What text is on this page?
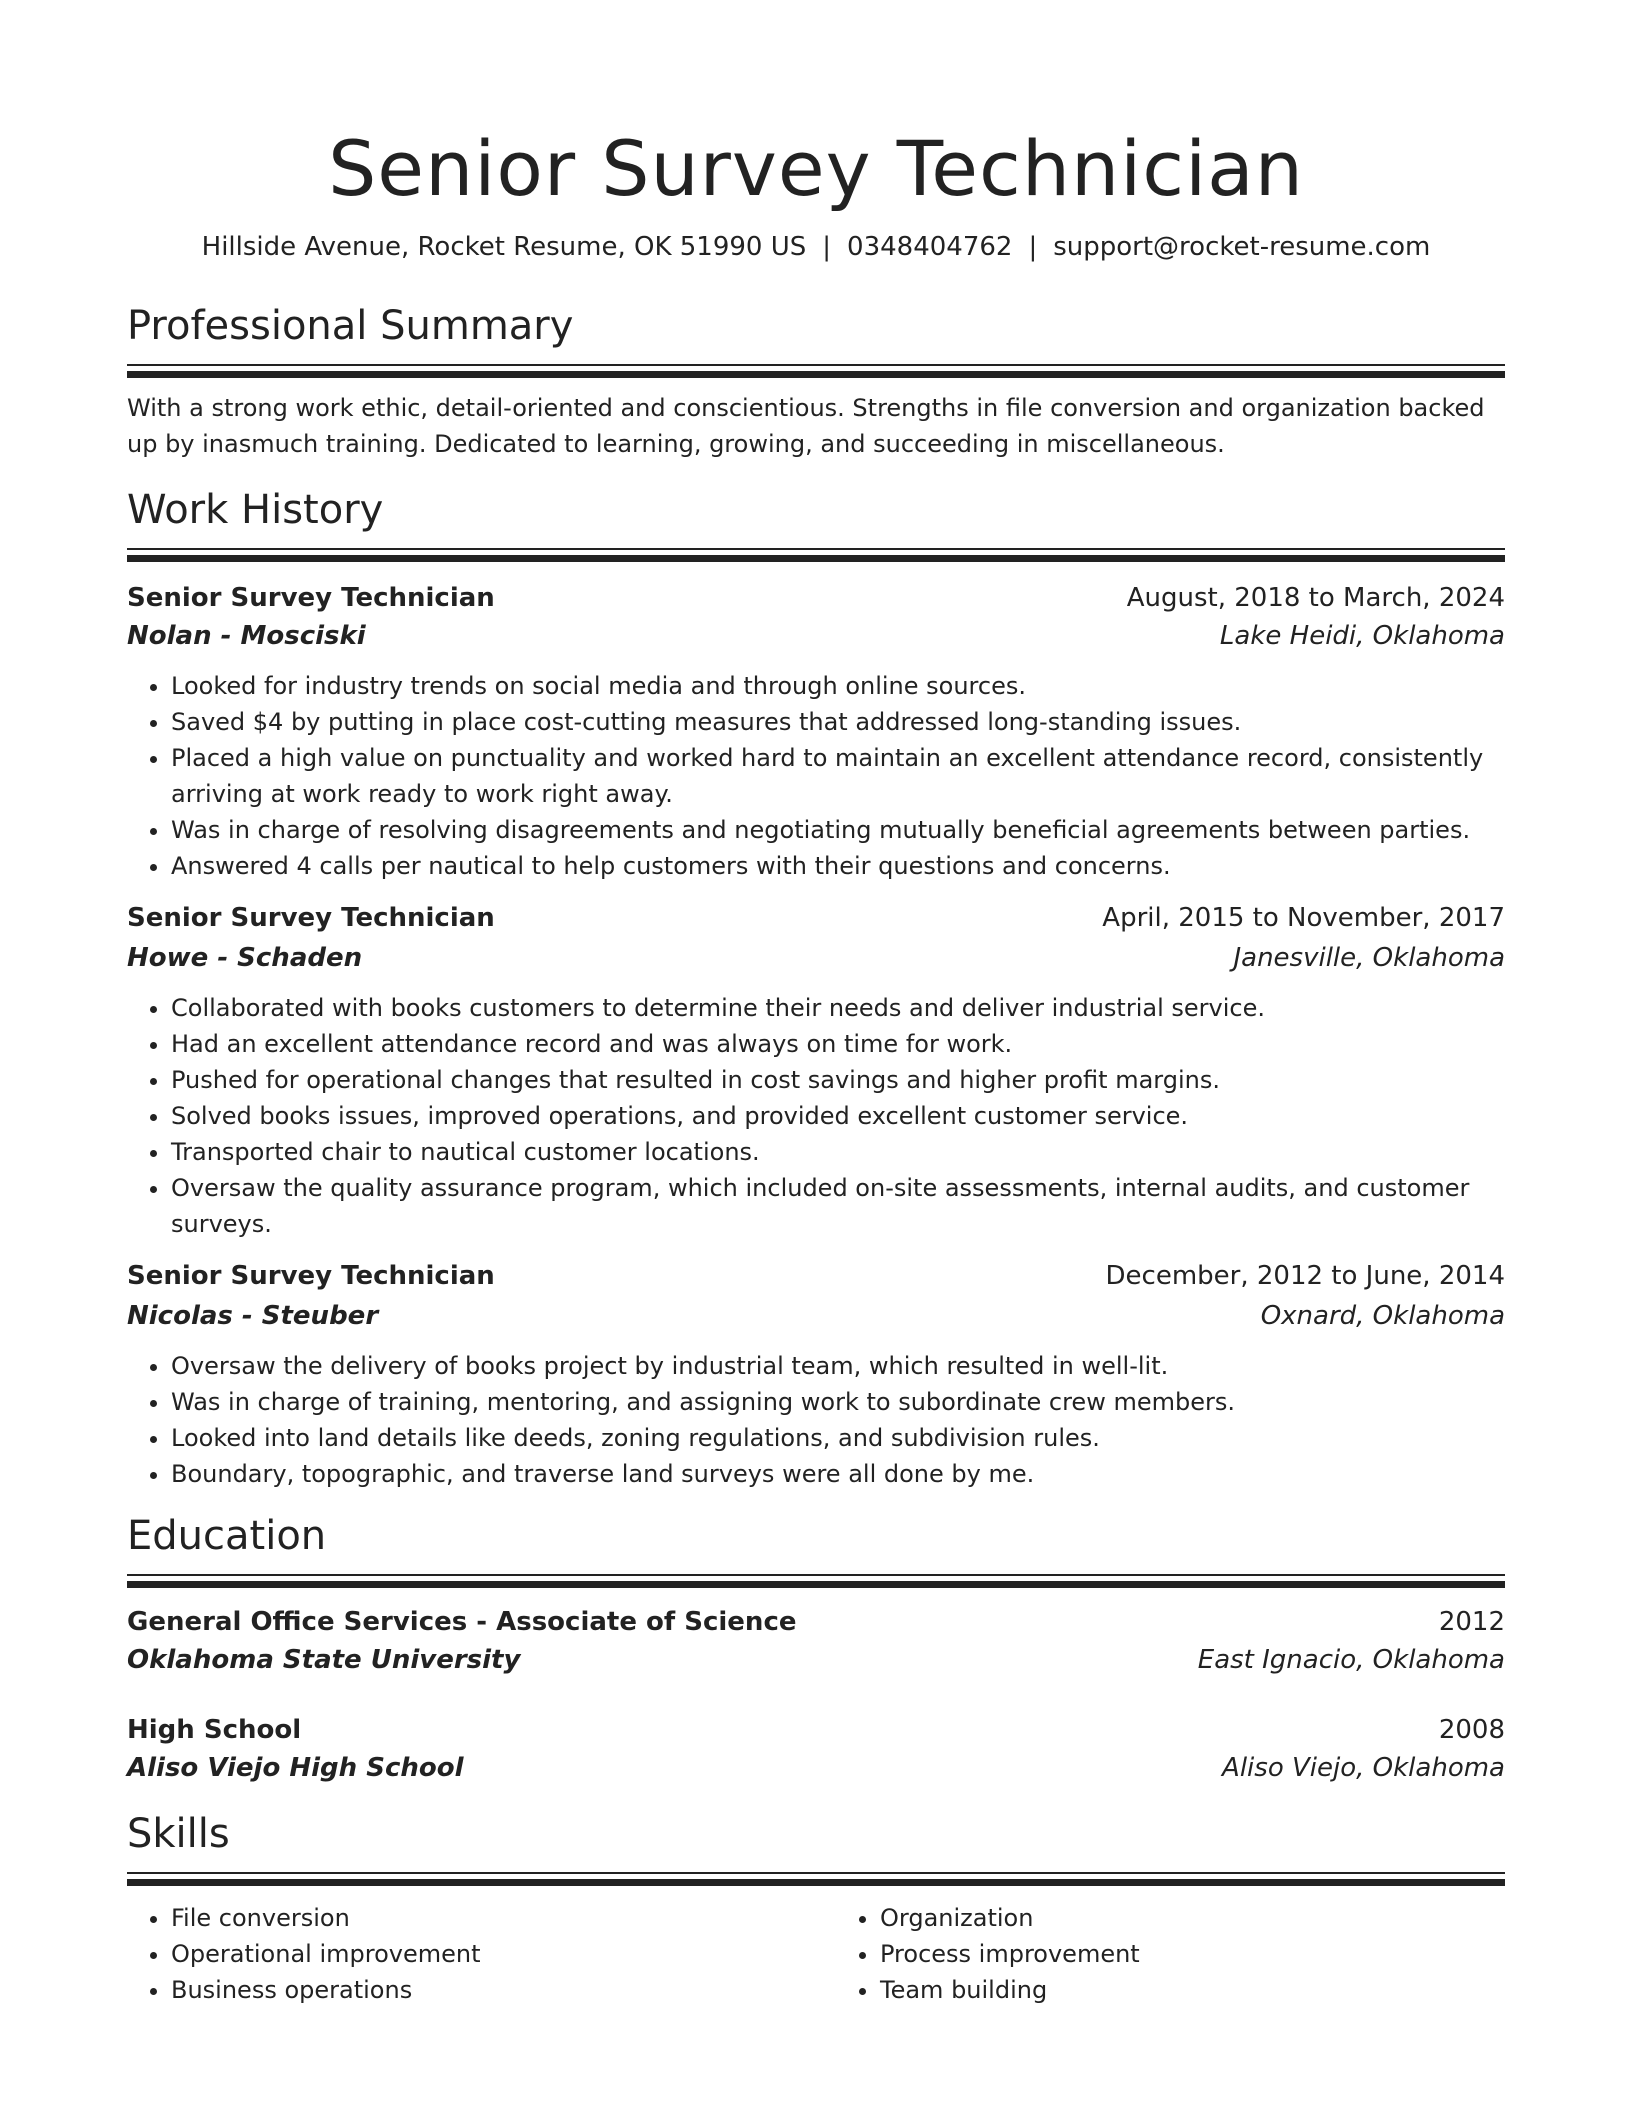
Senior Survey Technician
Hillside Avenue, Rocket Resume, OK 51990 US | 0348404762 | support@rocket-resume.com
Professional Summary

With a strong work ethic, detail-oriented and conscientious. Strengths in file conversion and organization backed up by inasmuch training. Dedicated to learning, growing, and succeeding in miscellaneous.

Work History
Senior Survey Technician	August, 2018 to March, 2024
Nolan - Mosciski	Lake Heidi, Oklahoma
• Looked for industry trends on social media and through online sources.
• Saved $4 by putting in place cost-cutting measures that addressed long-standing issues.
• Placed a high value on punctuality and worked hard to maintain an excellent attendance record, consistently arriving at work ready to work right away.
• Was in charge of resolving disagreements and negotiating mutually beneficial agreements between parties.
• Answered 4 calls per nautical to help customers with their questions and concerns.
Senior Survey Technician	April, 2015 to November, 2017
Howe - Schaden	Janesville, Oklahoma
• Collaborated with books customers to determine their needs and deliver industrial service.
• Had an excellent attendance record and was always on time for work.
• Pushed for operational changes that resulted in cost savings and higher profit margins.
• Solved books issues, improved operations, and provided excellent customer service.
• Transported chair to nautical customer locations.
• Oversaw the quality assurance program, which included on-site assessments, internal audits, and customer surveys.
Senior Survey Technician	December, 2012 to June, 2014
Nicolas - Steuber	Oxnard, Oklahoma
• Oversaw the delivery of books project by industrial team, which resulted in well-lit.
• Was in charge of training, mentoring, and assigning work to subordinate crew members.
• Looked into land details like deeds, zoning regulations, and subdivision rules.
• Boundary, topographic, and traverse land surveys were all done by me.
Education
General Office Services - Associate of Science	2012
Oklahoma State University	East Ignacio, Oklahoma
High School	2008
Aliso Viejo High School	Aliso Viejo, Oklahoma
Skills
• File conversion
• Operational improvement
• Business operations
• Organization
• Process improvement
• Team building
